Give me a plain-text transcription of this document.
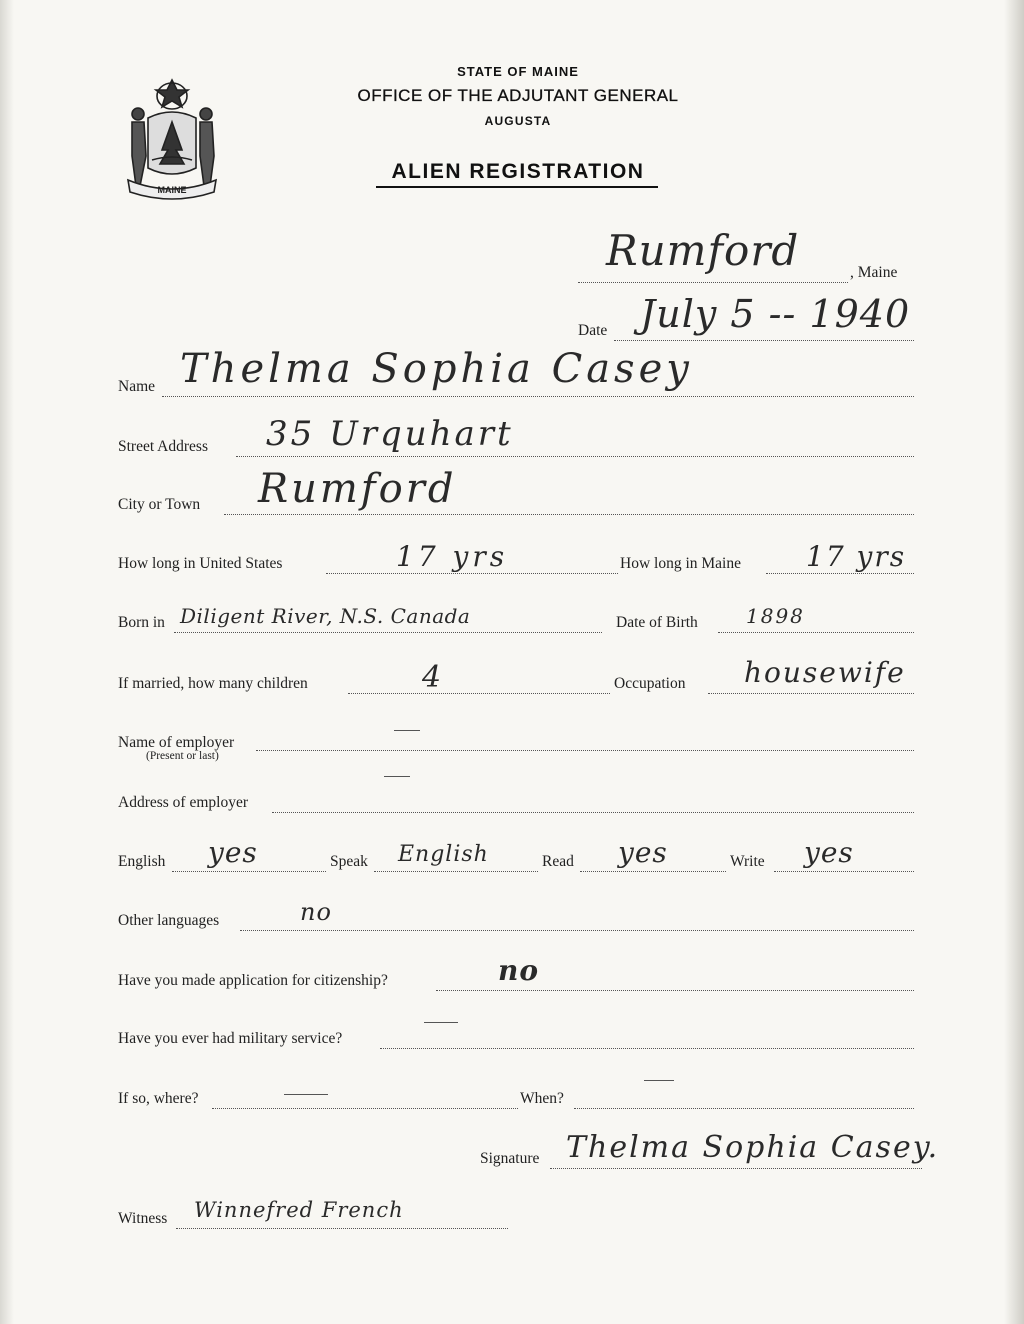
MAINE
STATE OF MAINE
OFFICE OF THE ADJUTANT GENERAL
AUGUSTA
ALIEN REGISTRATION
Rumford	, Maine
Date July 5 -- 1940
Name Thelma Sophia Casey
Street Address 35 Urquhart
City or Town Rumford
How long in United States	17 yrs	How long in Maine 17 yrs
Born in Diligent River, N.S. Canada	Date of Birth 1898
If married, how many children	4	Occupation housewife
Name of employer
(Present or last)
Address of employer
English yes	Speak English	Read yes	Write yes
Other languages	no
Have you made application for citizenship?	no
Have you ever had military service?
If so, where?	When?
Signature Thelma Sophia Casey.
Witness Winnefred French
